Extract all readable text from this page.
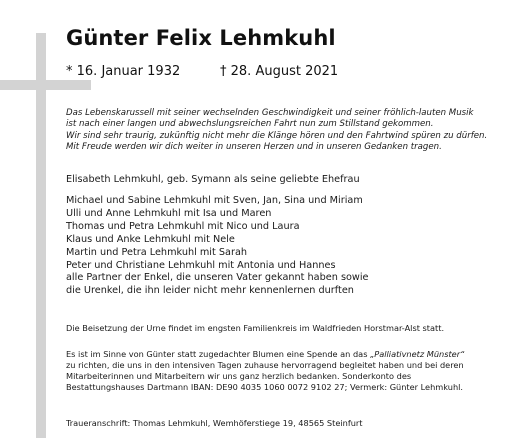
Günter Felix Lehmkuhl
* 16. Januar 1932	† 28. August 2021
Das Lebenskarussell mit seiner wechselnden Geschwindigkeit und seiner fröhlich-lauten Musik
ist nach einer langen und abwechslungsreichen Fahrt nun zum Stillstand gekommen.
Wir sind sehr traurig, zukünftig nicht mehr die Klänge hören und den Fahrtwind spüren zu dürfen.
Mit Freude werden wir dich weiter in unseren Herzen und in unseren Gedanken tragen.
Elisabeth Lehmkuhl, geb. Symann als seine geliebte Ehefrau
Michael und Sabine Lehmkuhl mit Sven, Jan, Sina und Miriam
Ulli und Anne Lehmkuhl mit Isa und Maren
Thomas und Petra Lehmkuhl mit Nico und Laura
Klaus und Anke Lehmkuhl mit Nele
Martin und Petra Lehmkuhl mit Sarah
Peter und Christiane Lehmkuhl mit Antonia und Hannes
alle Partner der Enkel, die unseren Vater gekannt haben sowie
die Urenkel, die ihn leider nicht mehr kennenlernen durften
Die Beisetzung der Urne findet im engsten Familienkreis im Waldfrieden Horstmar-Alst statt.
Es ist im Sinne von Günter statt zugedachter Blumen eine Spende an das „Palliativnetz Münster“
zu richten, die uns in den intensiven Tagen zuhause hervorragend begleitet haben und bei deren
Mitarbeiterinnen und Mitarbeitern wir uns ganz herzlich bedanken. Sonderkonto des
Bestattungshauses Dartmann IBAN: DE90 4035 1060 0072 9102 27; Vermerk: Günter Lehmkuhl.
Traueranschrift: Thomas Lehmkuhl, Wemhöferstiege 19, 48565 Steinfurt
